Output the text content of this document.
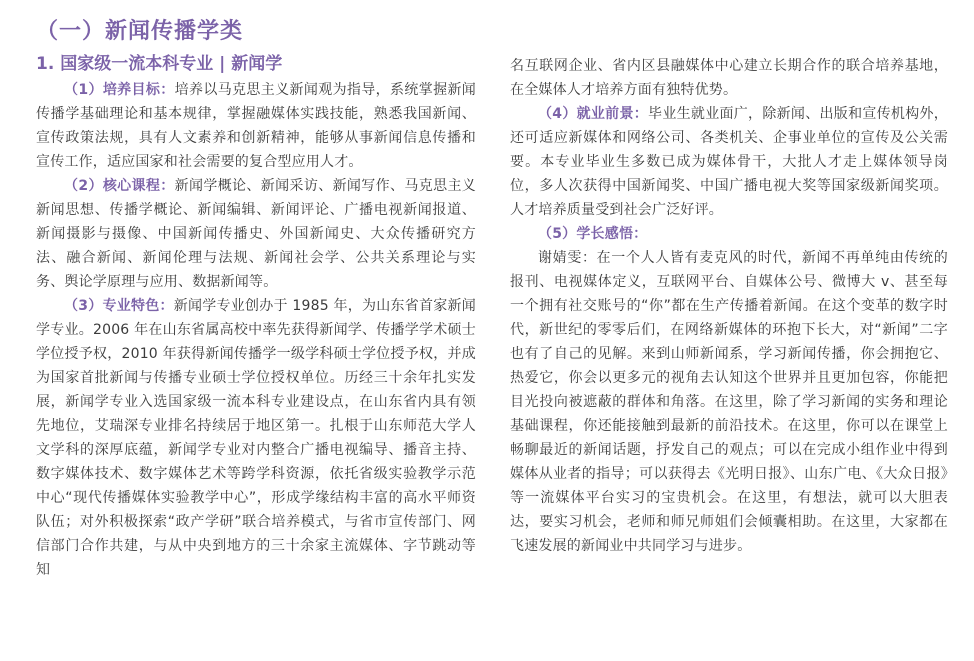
（一）新闻传播学类
1. 国家级一流本科专业 | 新闻学

（1）培养目标：培养以马克思主义新闻观为指导，系统掌握新闻传播学基础理论和基本规律，掌握融媒体实践技能，熟悉我国新闻、宣传政策法规，具有人文素养和创新精神，能够从事新闻信息传播和宣传工作，适应国家和社会需要的复合型应用人才。

（2）核心课程：新闻学概论、新闻采访、新闻写作、马克思主义新闻思想、传播学概论、新闻编辑、新闻评论、广播电视新闻报道、新闻摄影与摄像、中国新闻传播史、外国新闻史、大众传播研究方法、融合新闻、新闻伦理与法规、新闻社会学、公共关系理论与实务、舆论学原理与应用、数据新闻等。

（3）专业特色：新闻学专业创办于 1985 年，为山东省首家新闻学专业。2006 年在山东省属高校中率先获得新闻学、传播学学术硕士学位授予权，2010 年获得新闻传播学一级学科硕士学位授予权，并成为国家首批新闻与传播专业硕士学位授权单位。历经三十余年扎实发展，新闻学专业入选国家级一流本科专业建设点，在山东省内具有领先地位，艾瑞深专业排名持续居于地区第一。扎根于山东师范大学人文学科的深厚底蕴，新闻学专业对内整合广播电视编导、播音主持、数字媒体技术、数字媒体艺术等跨学科资源，依托省级实验教学示范中心“现代传播媒体实验教学中心”，形成学缘结构丰富的高水平师资队伍；对外积极探索“政产学研”联合培养模式，与省市宣传部门、网信部门合作共建，与从中央到地方的三十余家主流媒体、字节跳动等知

名互联网企业、省内区县融媒体中心建立长期合作的联合培养基地，在全媒体人才培养方面有独特优势。

（4）就业前景：毕业生就业面广，除新闻、出版和宣传机构外，还可适应新媒体和网络公司、各类机关、企事业单位的宣传及公关需要。本专业毕业生多数已成为媒体骨干，大批人才走上媒体领导岗位，多人次获得中国新闻奖、中国广播电视大奖等国家级新闻奖项。人才培养质量受到社会广泛好评。

（5）学长感悟：

谢婧雯：在一个人人皆有麦克风的时代，新闻不再单纯由传统的报刊、电视媒体定义，互联网平台、自媒体公号、微博大 v、甚至每一个拥有社交账号的“你”都在生产传播着新闻。在这个变革的数字时代，新世纪的零零后们，在网络新媒体的环抱下长大，对“新闻”二字也有了自己的见解。来到山师新闻系，学习新闻传播，你会拥抱它、热爱它，你会以更多元的视角去认知这个世界并且更加包容，你能把目光投向被遮蔽的群体和角落。在这里，除了学习新闻的实务和理论基础课程，你还能接触到最新的前沿技术。在这里，你可以在课堂上畅聊最近的新闻话题，抒发自己的观点；可以在完成小组作业中得到媒体从业者的指导；可以获得去《光明日报》、山东广电、《大众日报》等一流媒体平台实习的宝贵机会。在这里，有想法，就可以大胆表达，要实习机会，老师和师兄师姐们会倾囊相助。在这里，大家都在飞速发展的新闻业中共同学习与进步。
